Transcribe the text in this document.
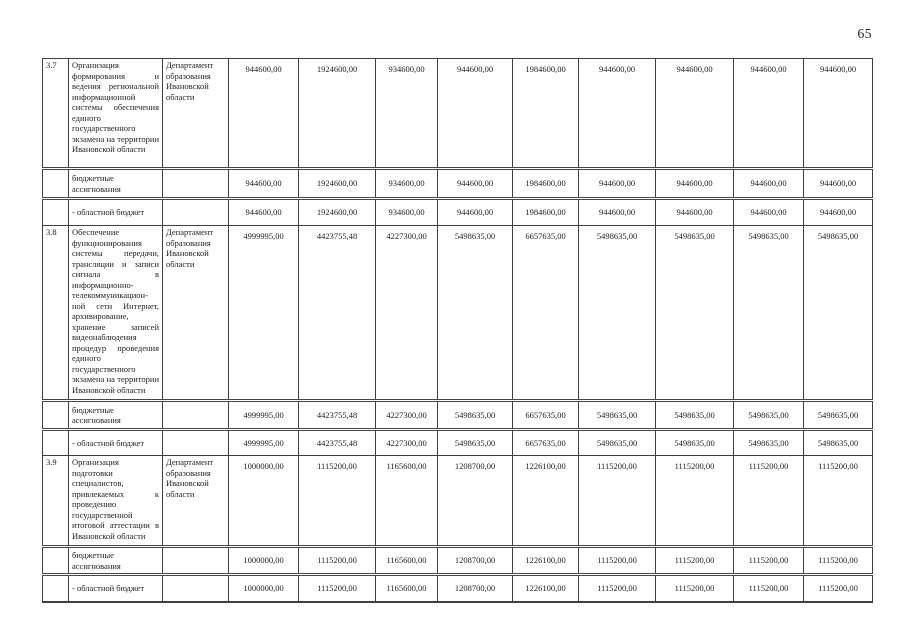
65
3.7	Организация формирования и ведения региональной информационной системы обеспечения единого государственного экзамена на территории Ивановской области	Департамент образования Ивановской области	944600,00	1924600,00	934600,00	944600,00	1984600,00	944600,00	944600,00	944600,00	944600,00
	бюджетные ассигнования		944600,00	1924600,00	934600,00	944600,00	1984600,00	944600,00	944600,00	944600,00	944600,00
	- областной бюджет		944600,00	1924600,00	934600,00	944600,00	1984600,00	944600,00	944600,00	944600,00	944600,00
3.8	Обеспечение функционирования системы передачи, трансляции и записи сигнала в информационно-телекоммуникацион-ной сети Интернет, архивирование, хранение записей видеонаблюдения процедур проведения единого государственного экзамена на территории Ивановской области	Департамент образования Ивановской области	4999995,00	4423755,48	4227300,00	5498635,00	6657635,00	5498635,00	5498635,00	5498635,00	5498635,00
	бюджетные ассигнования		4999995,00	4423755,48	4227300,00	5498635,00	6657635,00	5498635,00	5498635,00	5498635,00	5498635,00
	- областной бюджет		4999995,00	4423755,48	4227300,00	5498635,00	6657635,00	5498635,00	5498635,00	5498635,00	5498635,00
3.9	Организация подготовки специалистов, привлекаемых к проведению государственной итоговой аттестации в Ивановской области	Департамент образования Ивановской области	1000000,00	1115200,00	1165600,00	1208700,00	1226100,00	1115200,00	1115200,00	1115200,00	1115200,00
	бюджетные ассигнования		1000000,00	1115200,00	1165600,00	1208700,00	1226100,00	1115200,00	1115200,00	1115200,00	1115200,00
	- областной бюджет		1000000,00	1115200,00	1165600,00	1208700,00	1226100,00	1115200,00	1115200,00	1115200,00	1115200,00
